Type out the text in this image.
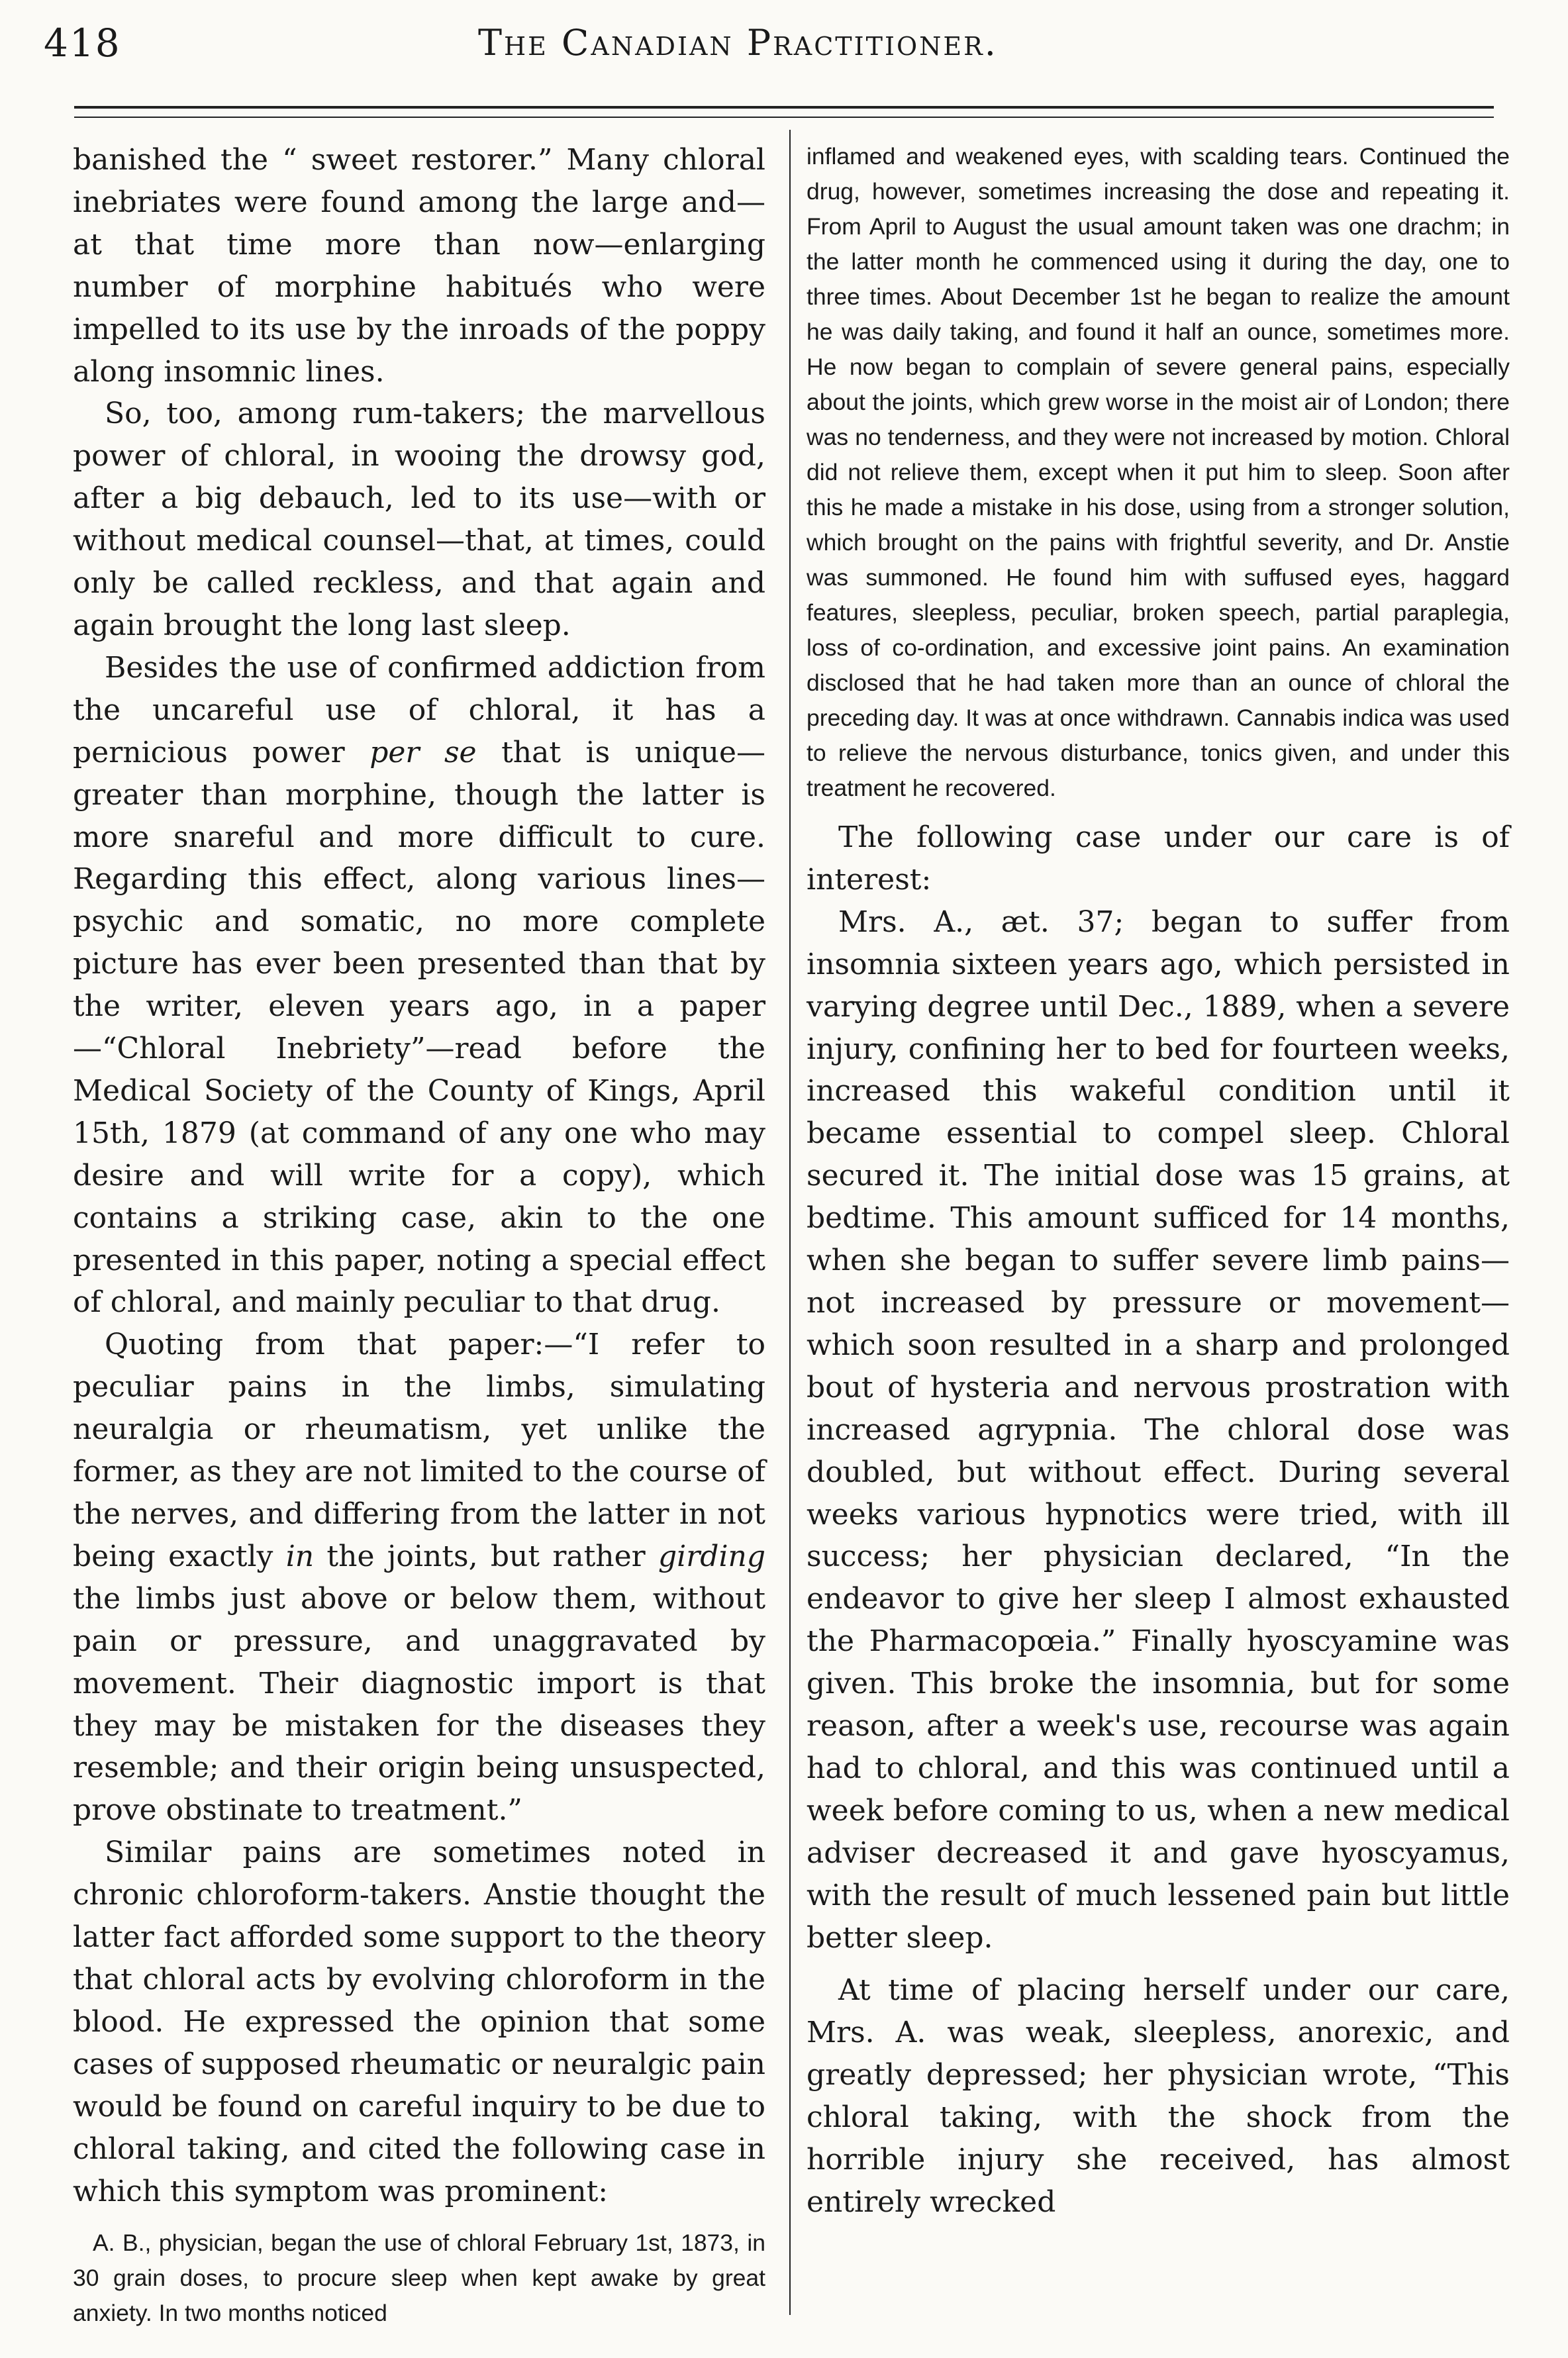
418	The Canadian Practitioner.

banished the “ sweet restorer.” Many chloral inebriates were found among the large and—at that time more than now—enlarging number of morphine habitués who were impelled to its use by the inroads of the poppy along insomnic lines.

So, too, among rum-takers; the marvellous power of chloral, in wooing the drowsy god, after a big debauch, led to its use—with or without medical counsel—that, at times, could only be called reckless, and that again and again brought the long last sleep.

Besides the use of confirmed addiction from the uncareful use of chloral, it has a pernicious power per se that is unique—greater than morphine, though the latter is more snareful and more difficult to cure. Regarding this effect, along various lines—psychic and somatic, no more complete picture has ever been presented than that by the writer, eleven years ago, in a paper—“Chloral Inebriety”—read before the Medical Society of the County of Kings, April 15th, 1879 (at command of any one who may desire and will write for a copy), which contains a striking case, akin to the one presented in this paper, noting a special effect of chloral, and mainly peculiar to that drug.

Quoting from that paper:—“I refer to peculiar pains in the limbs, simulating neuralgia or rheumatism, yet unlike the former, as they are not limited to the course of the nerves, and differing from the latter in not being exactly in the joints, but rather girding the limbs just above or below them, without pain or pressure, and unaggravated by movement. Their diagnostic import is that they may be mistaken for the diseases they resemble; and their origin being unsuspected, prove obstinate to treatment.”

Similar pains are sometimes noted in chronic chloroform-takers. Anstie thought the latter fact afforded some support to the theory that chloral acts by evolving chloroform in the blood. He expressed the opinion that some cases of supposed rheumatic or neuralgic pain would be found on careful inquiry to be due to chloral taking, and cited the following case in which this symptom was prominent:

A. B., physician, began the use of chloral February 1st, 1873, in 30 grain doses, to procure sleep when kept awake by great anxiety. In two months noticed

inflamed and weakened eyes, with scalding tears. Continued the drug, however, sometimes increasing the dose and repeating it. From April to August the usual amount taken was one drachm; in the latter month he commenced using it during the day, one to three times. About December 1st he began to realize the amount he was daily taking, and found it half an ounce, sometimes more. He now began to complain of severe general pains, especially about the joints, which grew worse in the moist air of London; there was no tenderness, and they were not increased by motion. Chloral did not relieve them, except when it put him to sleep. Soon after this he made a mistake in his dose, using from a stronger solution, which brought on the pains with frightful severity, and Dr. Anstie was summoned. He found him with suffused eyes, haggard features, sleepless, peculiar, broken speech, partial paraplegia, loss of co-ordination, and excessive joint pains. An examination disclosed that he had taken more than an ounce of chloral the preceding day. It was at once withdrawn. Cannabis indica was used to relieve the nervous disturbance, tonics given, and under this treatment he recovered.

The following case under our care is of interest:

Mrs. A., æt. 37; began to suffer from insomnia sixteen years ago, which persisted in varying degree until Dec., 1889, when a severe injury, confining her to bed for fourteen weeks, increased this wakeful condition until it became essential to compel sleep. Chloral secured it. The initial dose was 15 grains, at bedtime. This amount sufficed for 14 months, when she began to suffer severe limb pains—not increased by pressure or movement—which soon resulted in a sharp and prolonged bout of hysteria and nervous prostration with increased agrypnia. The chloral dose was doubled, but without effect. During several weeks various hypnotics were tried, with ill success; her physician declared, “In the endeavor to give her sleep I almost exhausted the Pharmacopœia.” Finally hyoscyamine was given. This broke the insomnia, but for some reason, after a week's use, recourse was again had to chloral, and this was continued until a week before coming to us, when a new medical adviser decreased it and gave hyoscyamus, with the result of much lessened pain but little better sleep.

At time of placing herself under our care, Mrs. A. was weak, sleepless, anorexic, and greatly depressed; her physician wrote, “This chloral taking, with the shock from the horrible injury she received, has almost entirely wrecked
